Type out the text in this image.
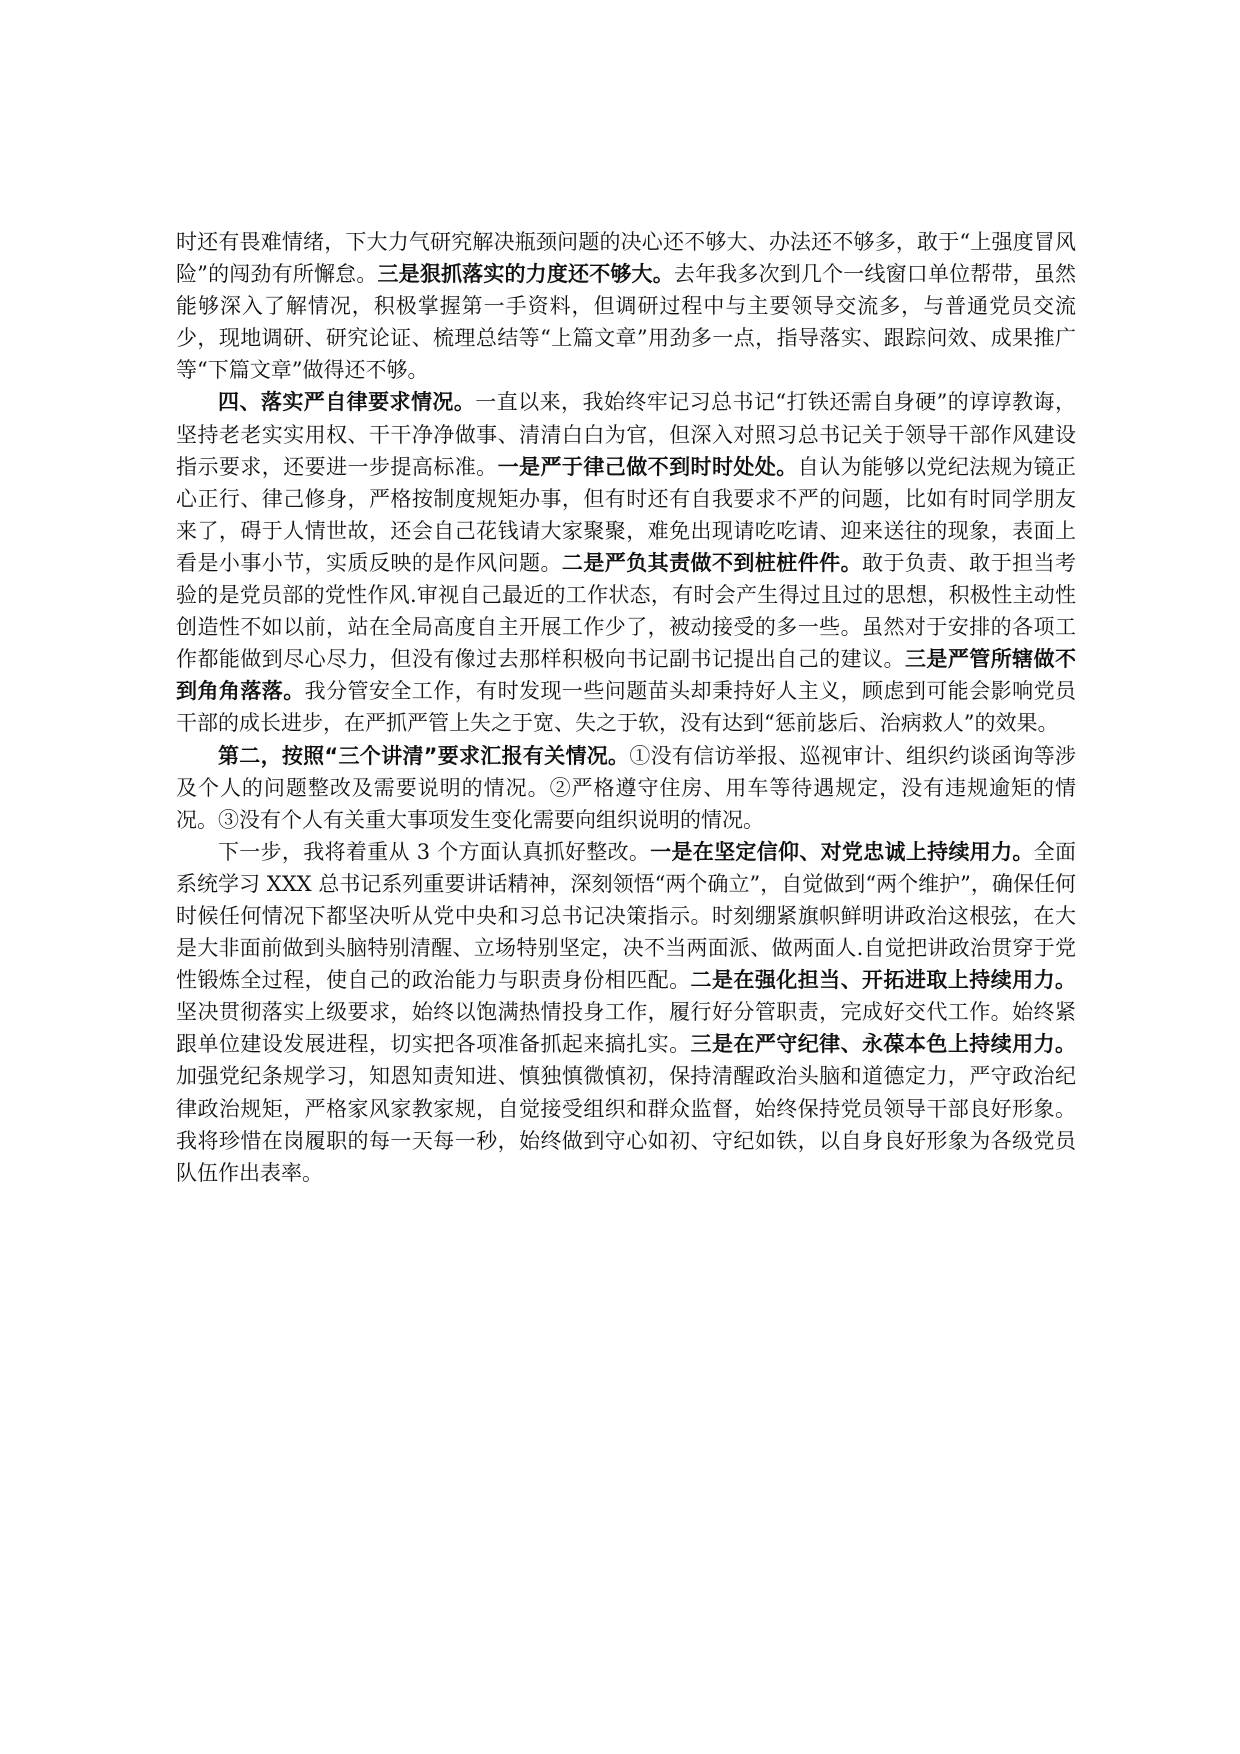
时还有畏难情绪，下大力气研究解决瓶颈问题的决心还不够大、办法还不够多，敢于“上强度冒风险”的闯劲有所懈怠。三是狠抓落实的力度还不够大。去年我多次到几个一线窗口单位帮带，虽然能够深入了解情况，积极掌握第一手资料，但调研过程中与主要领导交流多，与普通党员交流少，现地调研、研究论证、梳理总结等“上篇文章”用劲多一点，指导落实、跟踪问效、成果推广等“下篇文章”做得还不够。

四、落实严自律要求情况。一直以来，我始终牢记习总书记“打铁还需自身硬”的谆谆教诲，坚持老老实实用权、干干净净做事、清清白白为官，但深入对照习总书记关于领导干部作风建设指示要求，还要进一步提高标准。一是严于律己做不到时时处处。自认为能够以党纪法规为镜正心正行、律己修身，严格按制度规矩办事，但有时还有自我要求不严的问题，比如有时同学朋友来了，碍于人情世故，还会自己花钱请大家聚聚，难免出现请吃吃请、迎来送往的现象，表面上看是小事小节，实质反映的是作风问题。二是严负其责做不到桩桩件件。敢于负责、敢于担当考验的是党员部的党性作风.审视自己最近的工作状态，有时会产生得过且过的思想，积极性主动性创造性不如以前，站在全局高度自主开展工作少了，被动接受的多一些。虽然对于安排的各项工作都能做到尽心尽力，但没有像过去那样积极向书记副书记提出自己的建议。三是严管所辖做不到角角落落。我分管安全工作，有时发现一些问题苗头却秉持好人主义，顾虑到可能会影响党员干部的成长进步，在严抓严管上失之于宽、失之于软，没有达到“惩前毖后、治病救人”的效果。

第二，按照“三个讲清”要求汇报有关情况。①没有信访举报、巡视审计、组织约谈函询等涉及个人的问题整改及需要说明的情况。②严格遵守住房、用车等待遇规定，没有违规逾矩的情况。③没有个人有关重大事项发生变化需要向组织说明的情况。

下一步，我将着重从 3 个方面认真抓好整改。一是在坚定信仰、对党忠诚上持续用力。全面系统学习 XXX 总书记系列重要讲话精神，深刻领悟“两个确立”，自觉做到“两个维护”，确保任何时候任何情况下都坚决听从党中央和习总书记决策指示。时刻绷紧旗帜鲜明讲政治这根弦，在大是大非面前做到头脑特别清醒、立场特别坚定，决不当两面派、做两面人.自觉把讲政治贯穿于党性锻炼全过程，使自己的政治能力与职责身份相匹配。二是在强化担当、开拓进取上持续用力。坚决贯彻落实上级要求，始终以饱满热情投身工作，履行好分管职责，完成好交代工作。始终紧跟单位建设发展进程，切实把各项准备抓起来搞扎实。三是在严守纪律、永葆本色上持续用力。加强党纪条规学习，知恩知责知进、慎独慎微慎初，保持清醒政治头脑和道德定力，严守政治纪律政治规矩，严格家风家教家规，自觉接受组织和群众监督，始终保持党员领导干部良好形象。我将珍惜在岗履职的每一天每一秒，始终做到守心如初、守纪如铁，以自身良好形象为各级党员队伍作出表率。
